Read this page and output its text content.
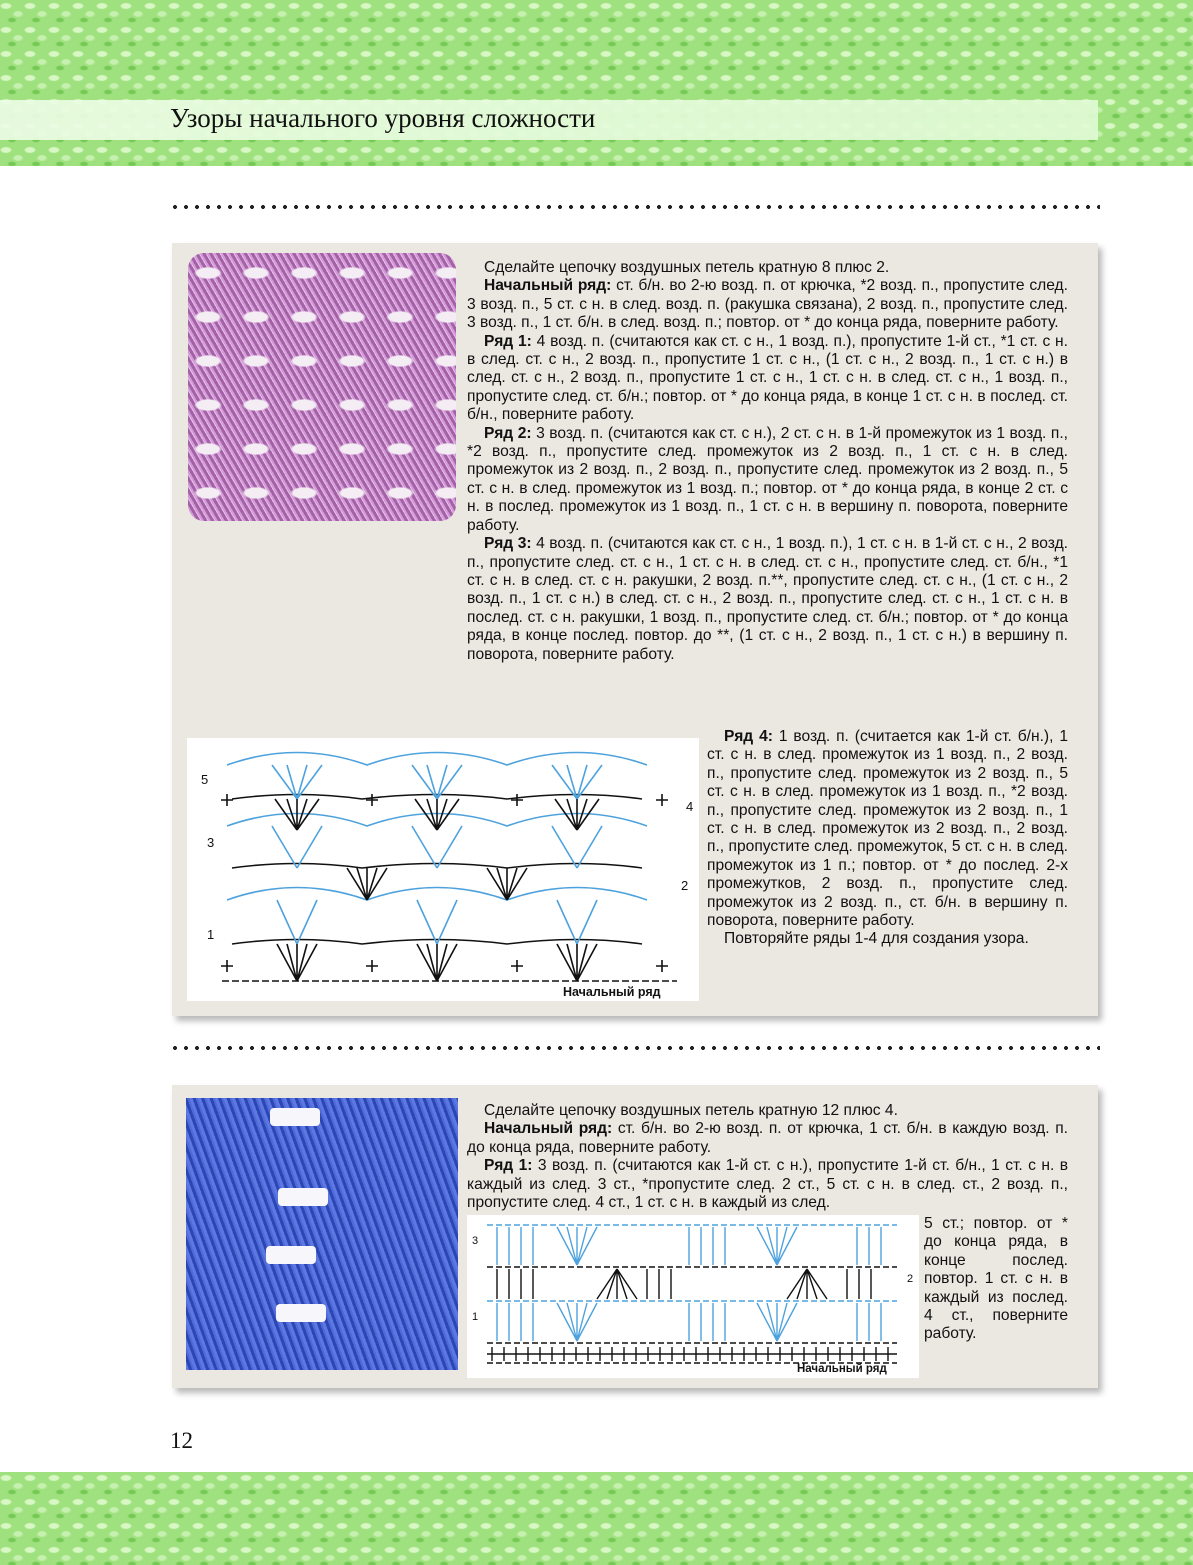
Узоры начального уровня сложности

Сделайте цепочку воздушных петель кратную 8 плюс 2.

Начальный ряд: ст. б/н. во 2-ю возд. п. от крючка, *2 возд. п., пропустите след. 3 возд. п., 5 ст. с н. в след. возд. п. (ракушка связана), 2 возд. п., пропустите след. 3 возд. п., 1 ст. б/н. в след. возд. п.; повтор. от * до конца ряда, поверните работу.

Ряд 1: 4 возд. п. (считаются как ст. с н., 1 возд. п.), пропустите 1-й ст., *1 ст. с н. в след. ст. с н., 2 возд. п., пропустите 1 ст. с н., (1 ст. с н., 2 возд. п., 1 ст. с н.) в след. ст. с н., 2 возд. п., пропустите 1 ст. с н., 1 ст. с н. в след. ст. с н., 1 возд. п., пропустите след. ст. б/н.; повтор. от * до конца ряда, в конце 1 ст. с н. в послед. ст. б/н., поверните работу.

Ряд 2: 3 возд. п. (считаются как ст. с н.), 2 ст. с н. в 1-й промежуток из 1 возд. п., *2 возд. п., пропустите след. промежуток из 2 возд. п., 1 ст. с н. в след. промежуток из 2 возд. п., 2 возд. п., пропустите след. промежуток из 2 возд. п., 5 ст. с н. в след. промежуток из 1 возд. п.; повтор. от * до конца ряда, в конце 2 ст. с н. в послед. промежуток из 1 возд. п., 1 ст. с н. в вершину п. поворота, поверните работу.

Ряд 3: 4 возд. п. (считаются как ст. с н., 1 возд. п.), 1 ст. с н. в 1-й ст. с н., 2 возд. п., пропустите след. ст. с н., 1 ст. с н. в след. ст. с н., пропустите след. ст. б/н., *1 ст. с н. в след. ст. с н. ракушки, 2 возд. п.**, пропустите след. ст. с н., (1 ст. с н., 2 возд. п., 1 ст. с н.) в след. ст. с н., 2 возд. п., пропустите след. ст. с н., 1 ст. с н. в послед. ст. с н. ракушки, 1 возд. п., пропустите след. ст. б/н.; повтор. от * до конца ряда, в конце послед. повтор. до **, (1 ст. с н., 2 возд. п., 1 ст. с н.) в вершину п. поворота, поверните работу.

Ряд 4: 1 возд. п. (считается как 1-й ст. б/н.), 1 ст. с н. в след. промежуток из 1 возд. п., 2 возд. п., пропустите след. промежуток из 2 возд. п., 5 ст. с н. в след. промежуток из 1 возд. п., *2 возд. п., пропустите след. промежуток из 2 возд. п., 1 ст. с н. в след. промежуток из 2 возд. п., 2 возд. п., пропустите след. промежуток, 5 ст. с н. в след. промежуток из 1 п.; повтор. от * до послед. 2-х промежутков, 2 возд. п., пропустите след. промежуток из 2 возд. п., ст. б/н. в вершину п. поворота, поверните работу.

Повторяйте ряды 1-4 для создания узора.

5
4
3
2
1
Начальный ряд

Сделайте цепочку воздушных петель кратную 12 плюс 4.

Начальный ряд: ст. б/н. во 2-ю возд. п. от крючка, 1 ст. б/н. в каждую возд. п. до конца ряда, поверните работу.

Ряд 1: 3 возд. п. (считаются как 1-й ст. с н.), пропустите 1-й ст. б/н., 1 ст. с н. в каждый из след. 3 ст., *пропустите след. 2 ст., 5 ст. с н. в след. ст., 2 возд. п., пропустите след. 4 ст., 1 ст. с н. в каждый из след.

5 ст.; повтор. от * до конца ряда, в конце послед. повтор. 1 ст. с н. в каждый из послед. 4 ст., поверните работу.

3
2
1
Начальный ряд
12
